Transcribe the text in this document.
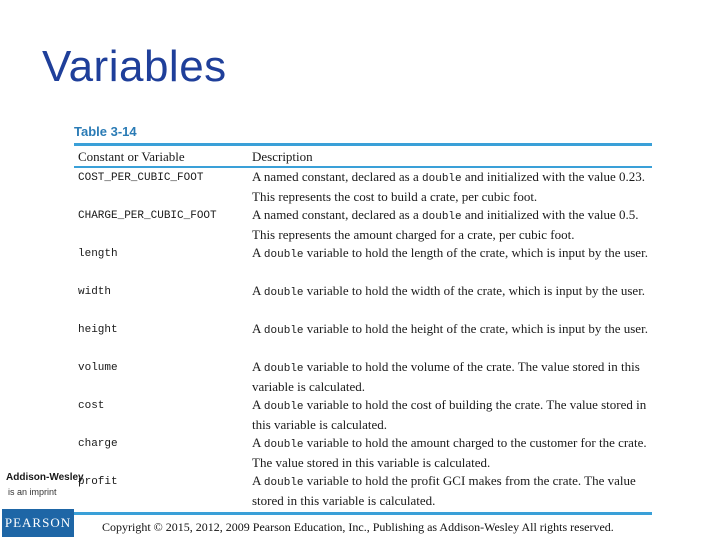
Variables
Table 3-14
Constant or Variable	Description

COST_PER_CUBIC_FOOT	A named constant, declared as a double and initialized with the value 0.23. This represents the cost to build a crate, per cubic foot.
CHARGE_PER_CUBIC_FOOT	A named constant, declared as a double and initialized with the value 0.5. This represents the amount charged for a crate, per cubic foot.
length	A double variable to hold the length of the crate, which is input by the user.
width	A double variable to hold the width of the crate, which is input by the user.
height	A double variable to hold the height of the crate, which is input by the user.
volume	A double variable to hold the volume of the crate. The value stored in this variable is calculated.
cost	A double variable to hold the cost of building the crate. The value stored in this variable is calculated.
charge	A double variable to hold the amount charged to the customer for the crate. The value stored in this variable is calculated.
profit	A double variable to hold the profit GCI makes from the crate. The value stored in this variable is calculated.
Addison-Wesley
is an imprint
PEARSON	Copyright © 2015, 2012, 2009 Pearson Education, Inc., Publishing as Addison-Wesley All rights reserved.
